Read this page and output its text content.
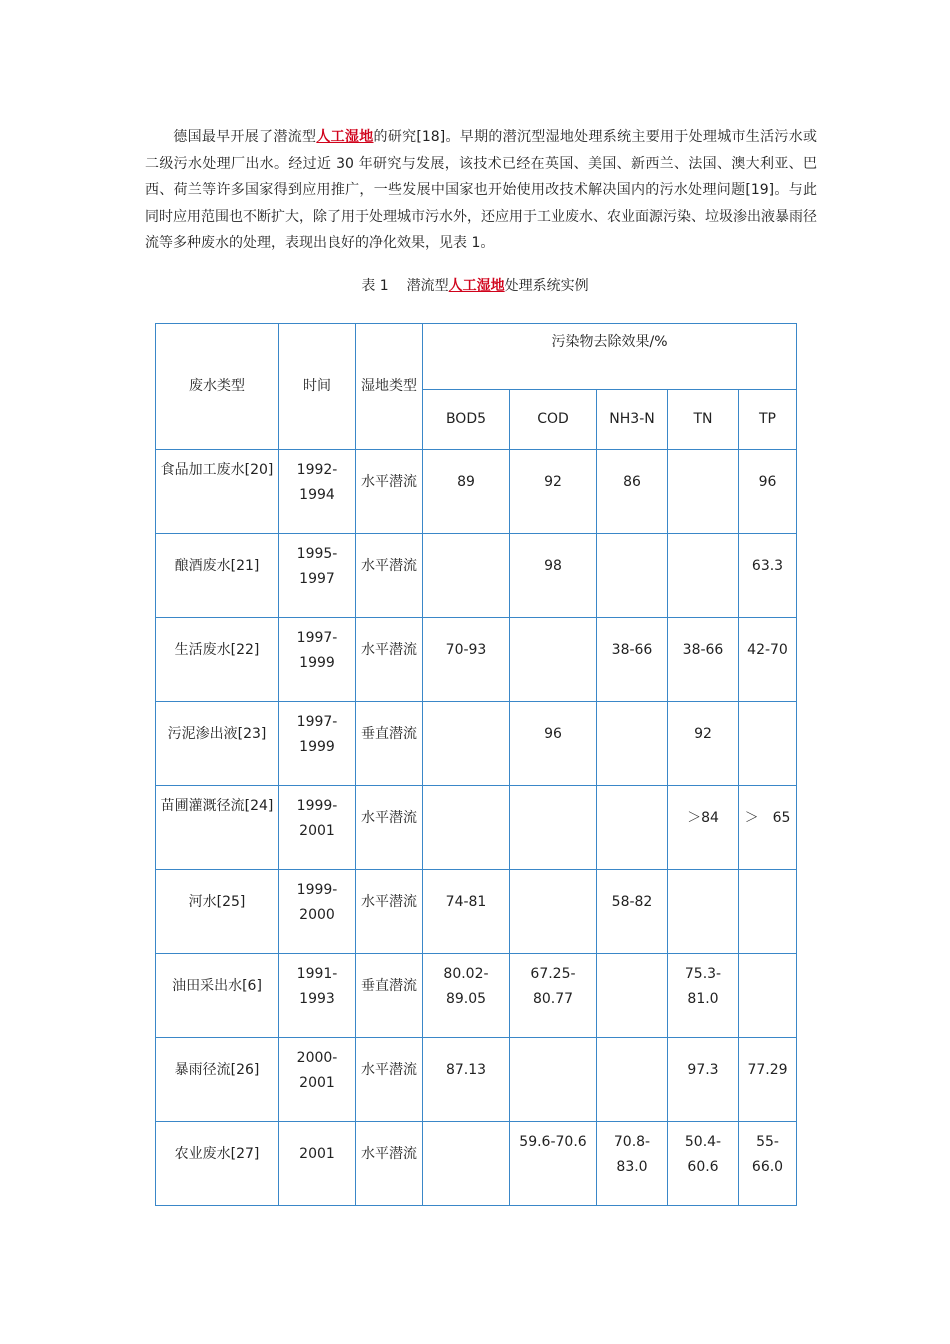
德国最早开展了潜流型人工湿地的研究[18]。早期的潜沉型湿地处理系统主要用于处理城市生活污水或二级污水处理厂出水。经过近 30 年研究与发展，该技术已经在英国、美国、新西兰、法国、澳大利亚、巴西、荷兰等许多国家得到应用推广，一些发展中国家也开始使用改技术解决国内的污水处理问题[19]。与此同时应用范围也不断扩大，除了用于处理城市污水外，还应用于工业废水、农业面源污染、垃圾渗出液暴雨径流等多种废水的处理，表现出良好的净化效果，见表 1。
表 1 潜流型人工湿地处理系统实例
废水类型	时间	湿地类型	污染物去除效果/%				
			BOD5	COD	NH3-N	TN	TP
食品加工废水[20]	1992-1994	水平潜流	89	92	86		96
酿酒废水[21]	1995-1997	水平潜流		98			63.3
生活废水[22]	1997-1999	水平潜流	70-93		38-66	38-66	42-70
污泥渗出液[23]	1997-1999	垂直潜流		96		92	
苗圃灌溉径流[24]	1999-2001	水平潜流				＞84	＞　65
河水[25]	1999-2000	水平潜流	74-81		58-82		
油田采出水[6]	1991-1993	垂直潜流	80.02-89.05	67.25-80.77		75.3-81.0	
暴雨径流[26]	2000-2001	水平潜流	87.13			97.3	77.29
农业废水[27]	2001	水平潜流		59.6-70.6	70.8-83.0	50.4-60.6	55-66.0
